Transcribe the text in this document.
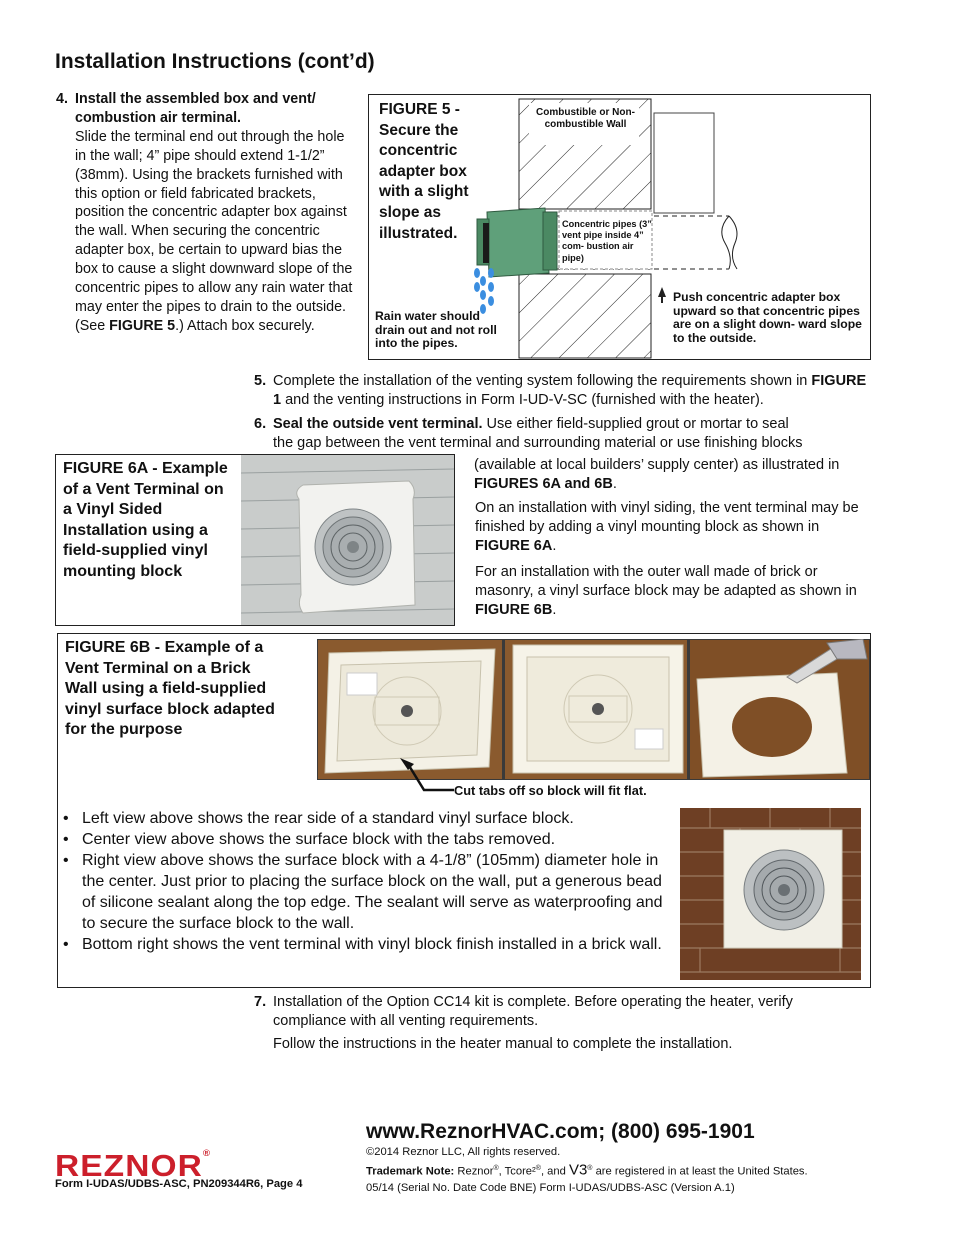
Installation Instructions (cont’d)
4. Install the assembled box and vent/ combustion air terminal.
Slide the terminal end out through the hole in the wall; 4” pipe should extend 1-1/2” (38mm). Using the brackets furnished with this option or field fabricated brackets, position the concentric adapter box against the wall. When securing the concentric adapter box, be certain to upward bias the box to cause a slight downward slope of the concentric pipes to allow any rain water that may enter the pipes to drain to the outside. (See FIGURE 5.) Attach box securely.
FIGURE 5 - Secure the concentric adapter box with a slight slope as illustrated.
Combustible or Non-combustible Wall
Concentric pipes (3” vent pipe inside 4” com- bustion air pipe)
Rain water should drain out and not roll into the pipes.
Push concentric adapter box upward so that concentric pipes are on a slight down- ward slope to the outside.
5. Complete the installation of the venting system following the requirements shown in FIGURE 1 and the venting instructions in Form I-UD-V-SC (furnished with the heater).
6. Seal the outside vent terminal. Use either field-supplied grout or mortar to seal
the gap between the vent terminal and surrounding material or use finishing blocks
(available at local builders’ supply center) as illustrated in FIGURES 6A and 6B.
On an installation with vinyl siding, the vent terminal may be finished by adding a vinyl mounting block as shown in FIGURE 6A.
For an installation with the outer wall made of brick or masonry, a vinyl surface block may be adapted as shown in FIGURE 6B.
FIGURE 6A - Example of a Vent Terminal on a Vinyl Sided Installation using a field-supplied vinyl mounting block
FIGURE 6B - Example of a Vent Terminal on a Brick Wall using a field-supplied vinyl surface block adapted for the purpose
Cut tabs off so block will fit flat.
• Left view above shows the rear side of a standard vinyl surface block.
• Center view above shows the surface block with the tabs removed.
• Right view above shows the surface block with a 4-1/8” (105mm) diameter hole in the center. Just prior to placing the surface block on the wall, put a generous bead of silicone sealant along the top edge. The sealant will serve as waterproofing and to secure the surface block to the wall.
• Bottom right shows the vent terminal with vinyl block finish installed in a brick wall.
7. Installation of the Option CC14 kit is complete. Before operating the heater, verify compliance with all venting requirements.
Follow the instructions in the heater manual to complete the installation.
www.ReznorHVAC.com; (800) 695-1901
©2014 Reznor LLC, All rights reserved.
Trademark Note: Reznor®, Tcore²®, and V3® are registered in at least the United States.
05/14 (Serial No. Date Code BNE) Form I-UDAS/UDBS-ASC (Version A.1)
REZNOR®
Form I-UDAS/UDBS-ASC, PN209344R6, Page 4
